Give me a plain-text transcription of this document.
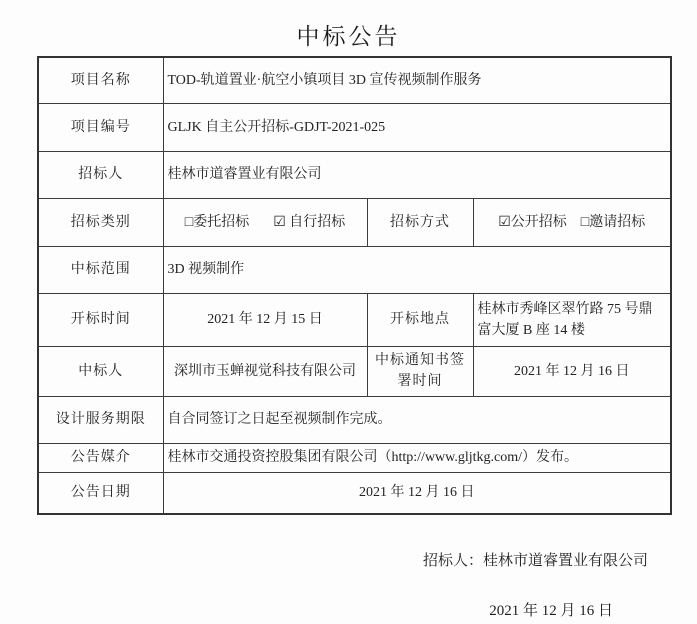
中标公告
项目名称	TOD-轨道置业·航空小镇项目 3D 宣传视频制作服务		
项目编号	GLJK 自主公开招标-GDJT-2021-025		
招标人	桂林市道睿置业有限公司		
招标类别	□委托招标 ☑ 自行招标	招标方式	☑公开招标 □邀请招标

中标范围	3D 视频制作		
开标时间	2021 年 12 月 15 日	开标地点	桂林市秀峰区翠竹路 75 号鼎富大厦 B 座 14 楼
中标人	深圳市玉蝉视觉科技有限公司	中标通知书签署时间	2021 年 12 月 16 日
设计服务期限	自合同签订之日起至视频制作完成。		
公告媒介	桂林市交通投资控股集团有限公司（http://www.gljtkg.com/）发布。		
公告日期	2021 年 12 月 16 日		
招标人：桂林市道睿置业有限公司
2021 年 12 月 16 日
